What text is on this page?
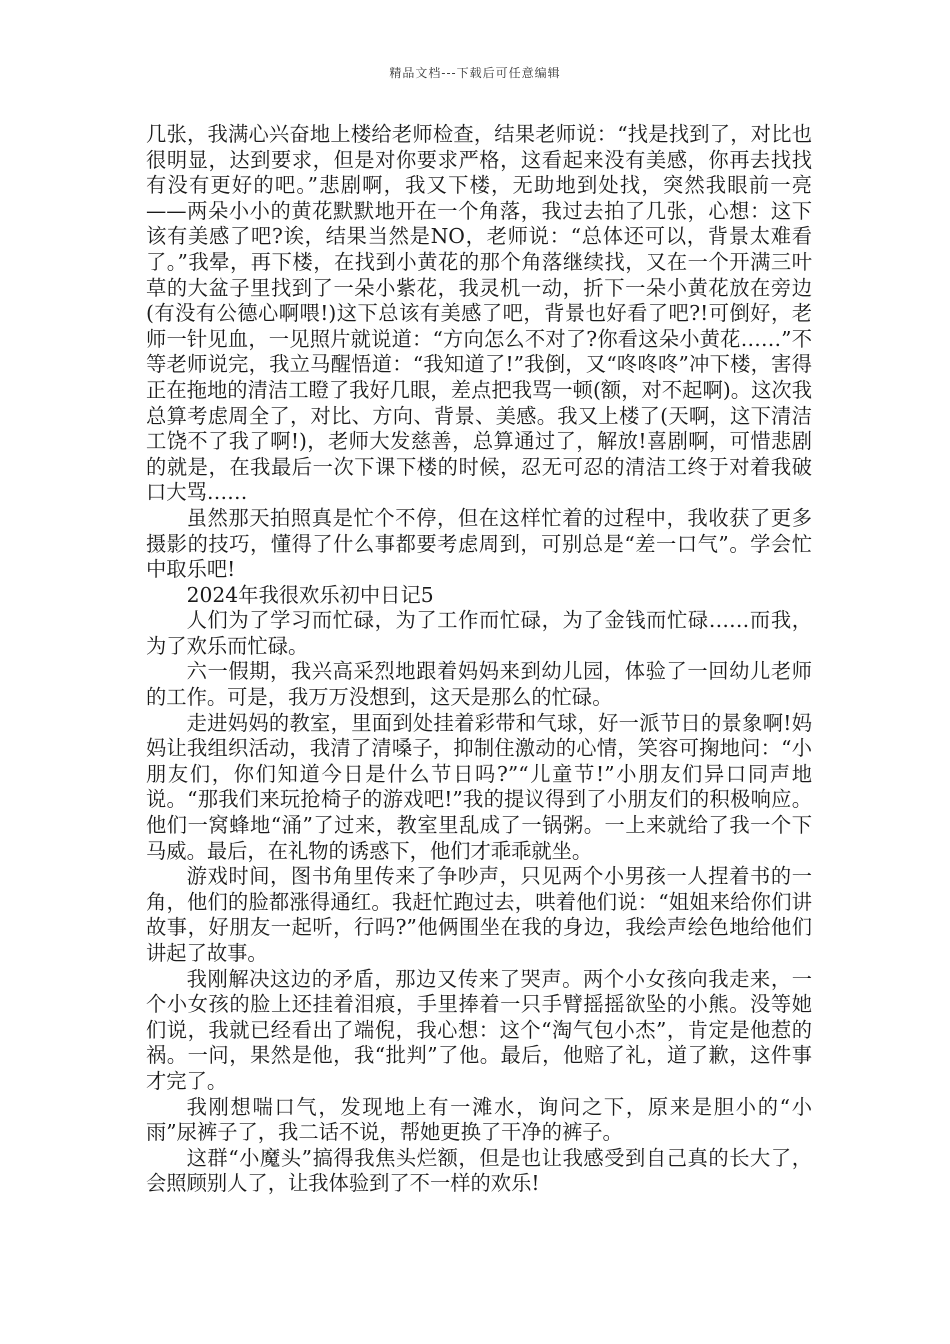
精品文档---下载后可任意编辑

几张，我满心兴奋地上楼给老师检查，结果老师说：“找是找到了，对比也很明显，达到要求，但是对你要求严格，这看起来没有美感，你再去找找有没有更好的吧。”悲剧啊，我又下楼，无助地到处找，突然我眼前一亮——两朵小小的黄花默默地开在一个角落，我过去拍了几张，心想：这下该有美感了吧?诶，结果当然是NO，老师说：“总体还可以，背景太难看了。”我晕，再下楼，在找到小黄花的那个角落继续找，又在一个开满三叶草的大盆子里找到了一朵小紫花，我灵机一动，折下一朵小黄花放在旁边(有没有公德心啊喂!)这下总该有美感了吧，背景也好看了吧?!可倒好，老师一针见血，一见照片就说道：“方向怎么不对了?你看这朵小黄花……”不等老师说完，我立马醒悟道：“我知道了!”我倒，又“咚咚咚”冲下楼，害得正在拖地的清洁工瞪了我好几眼，差点把我骂一顿(额，对不起啊)。这次我总算考虑周全了，对比、方向、背景、美感。我又上楼了(天啊，这下清洁工饶不了我了啊!)，老师大发慈善，总算通过了，解放!喜剧啊，可惜悲剧的就是，在我最后一次下课下楼的时候，忍无可忍的清洁工终于对着我破口大骂……

虽然那天拍照真是忙个不停，但在这样忙着的过程中，我收获了更多摄影的技巧，懂得了什么事都要考虑周到，可别总是“差一口气”。学会忙中取乐吧!

2024年我很欢乐初中日记5

人们为了学习而忙碌，为了工作而忙碌，为了金钱而忙碌……而我，为了欢乐而忙碌。

六一假期，我兴高采烈地跟着妈妈来到幼儿园，体验了一回幼儿老师的工作。可是，我万万没想到，这天是那么的忙碌。

走进妈妈的教室，里面到处挂着彩带和气球，好一派节日的景象啊!妈妈让我组织活动，我清了清嗓子，抑制住激动的心情，笑容可掬地问：“小朋友们，你们知道今日是什么节日吗?”“儿童节!”小朋友们异口同声地说。“那我们来玩抢椅子的游戏吧!”我的提议得到了小朋友们的积极响应。他们一窝蜂地“涌”了过来，教室里乱成了一锅粥。一上来就给了我一个下马威。最后，在礼物的诱惑下，他们才乖乖就坐。

游戏时间，图书角里传来了争吵声，只见两个小男孩一人捏着书的一角，他们的脸都涨得通红。我赶忙跑过去，哄着他们说：“姐姐来给你们讲故事，好朋友一起听，行吗?”他俩围坐在我的身边，我绘声绘色地给他们讲起了故事。

我刚解决这边的矛盾，那边又传来了哭声。两个小女孩向我走来，一个小女孩的脸上还挂着泪痕，手里捧着一只手臂摇摇欲坠的小熊。没等她们说，我就已经看出了端倪，我心想：这个“淘气包小杰”，肯定是他惹的祸。一问，果然是他，我“批判”了他。最后，他赔了礼，道了歉，这件事才完了。

我刚想喘口气，发现地上有一滩水，询问之下，原来是胆小的“小雨”尿裤子了，我二话不说，帮她更换了干净的裤子。

这群“小魔头”搞得我焦头烂额，但是也让我感受到自己真的长大了，会照顾别人了，让我体验到了不一样的欢乐!
